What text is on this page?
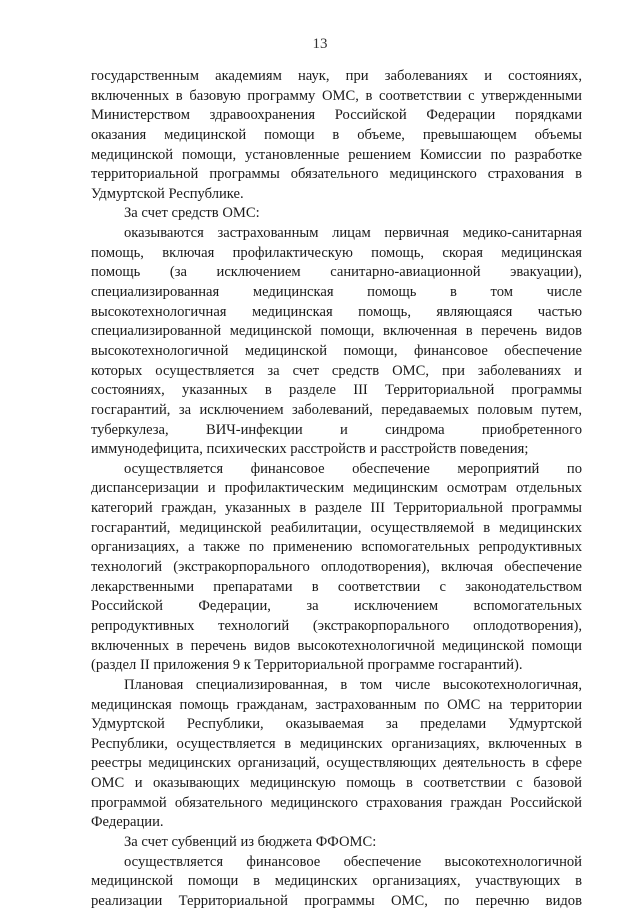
13
государственным академиям наук, при заболеваниях и состояниях,
включенных в базовую программу ОМС, в соответствии с утвержденными
Министерством здравоохранения Российской Федерации порядками
оказания медицинской помощи в объеме, превышающем объемы
медицинской помощи, установленные решением Комиссии по разработке
территориальной программы обязательного медицинского страхования в
Удмуртской Республике.
За счет средств ОМС:
оказываются застрахованным лицам первичная медико-санитарная
помощь, включая профилактическую помощь, скорая медицинская
помощь (за исключением санитарно-авиационной эвакуации),
специализированная медицинская помощь в том числе
высокотехнологичная медицинская помощь, являющаяся частью
специализированной медицинской помощи, включенная в перечень видов
высокотехнологичной медицинской помощи, финансовое обеспечение
которых осуществляется за счет средств ОМС, при заболеваниях и
состояниях, указанных в разделе III Территориальной программы
госгарантий, за исключением заболеваний, передаваемых половым путем,
туберкулеза, ВИЧ-инфекции и синдрома приобретенного
иммунодефицита, психических расстройств и расстройств поведения;
осуществляется финансовое обеспечение мероприятий по
диспансеризации и профилактическим медицинским осмотрам отдельных
категорий граждан, указанных в разделе III Территориальной программы
госгарантий, медицинской реабилитации, осуществляемой в медицинских
организациях, а также по применению вспомогательных репродуктивных
технологий (экстракорпорального оплодотворения), включая обеспечение
лекарственными препаратами в соответствии с законодательством
Российской Федерации, за исключением вспомогательных
репродуктивных технологий (экстракорпорального оплодотворения),
включенных в перечень видов высокотехнологичной медицинской помощи
(раздел II приложения 9 к Территориальной программе госгарантий).
Плановая специализированная, в том числе высокотехнологичная,
медицинская помощь гражданам, застрахованным по ОМС на территории
Удмуртской Республики, оказываемая за пределами Удмуртской
Республики, осуществляется в медицинских организациях, включенных в
реестры медицинских организаций, осуществляющих деятельность в сфере
ОМС и оказывающих медицинскую помощь в соответствии с базовой
программой обязательного медицинского страхования граждан Российской
Федерации.
За счет субвенций из бюджета ФФОМС:
осуществляется финансовое обеспечение высокотехнологичной
медицинской помощи в медицинских организациях, участвующих в
реализации Территориальной программы ОМС, по перечню видов
